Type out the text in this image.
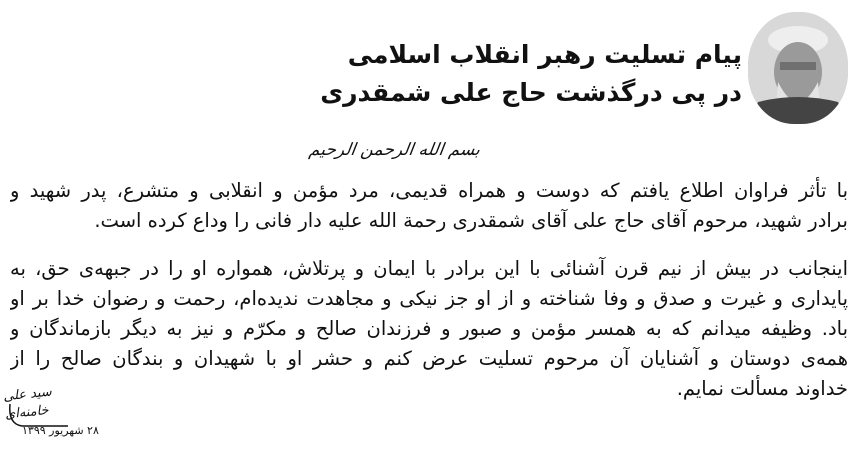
پیام تسلیت رهبر انقلاب اسلامی
در پی درگذشت حاج علی شمقدری
بسم الله الرحمن الرحیم
با تأثر فراوان اطلاع یافتم که دوست و همراه قدیمی، مرد مؤمن و انقلابی و متشرع، پدر شهید و
برادر شهید، مرحوم آقای حاج علی آقای شمقدری رحمة الله علیه دار فانی را وداع کرده است.
اینجانب در بیش از نیم قرن آشنائی با این برادر با ایمان و پرتلاش، همواره او را در جبهه‌ی حق، به
پایداری و غیرت و صدق و وفا شناخته و از او جز نیکی و مجاهدت ندیده‌ام، رحمت و رضوان خدا بر او
باد. وظیفه میدانم که به همسر مؤمن و صبور و فرزندان صالح و مکرّم و نیز به دیگر بازماندگان و
همه‌ی دوستان و آشنایان آن مرحوم تسلیت عرض کنم و حشر او با شهیدان و بندگان صالح را از
خداوند مسألت نمایم.
سید علی خامنه‌ای
۲۸ شهریور ۱۳۹۹
